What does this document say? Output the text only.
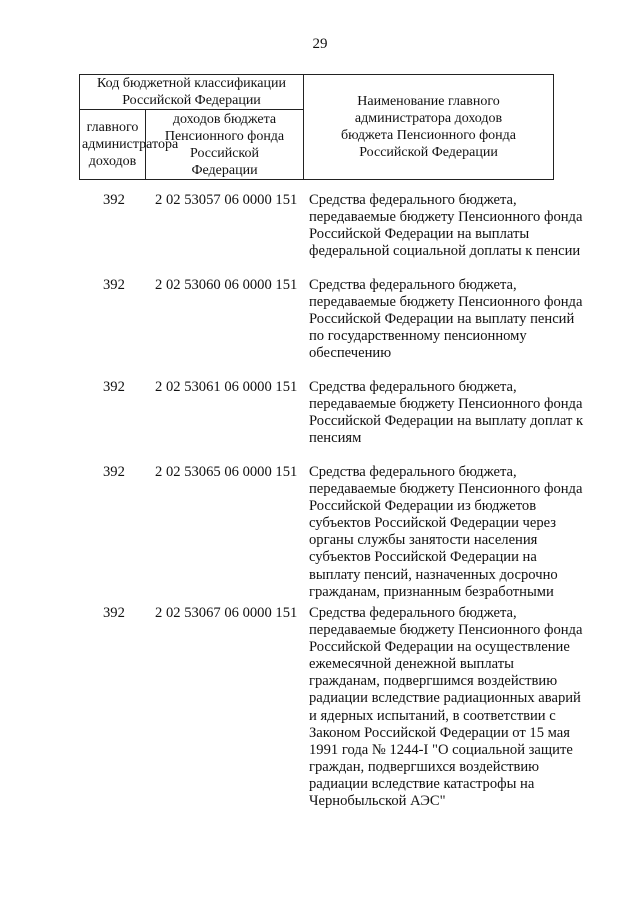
29
Код бюджетной классификации Российской Федерации		Наименование главного администратора доходов бюджета Пенсионного фонда Российской Федерации
главного администратора доходов	доходов бюджета Пенсионного фонда Российской Федерации	
392	2 02 53057 06 0000 151 Средства федерального бюджета,
передаваемые бюджету Пенсионного фонда
Российской Федерации на выплаты
федеральной социальной доплаты к пенсии
392	2 02 53060 06 0000 151 Средства федерального бюджета,
передаваемые бюджету Пенсионного фонда
Российской Федерации на выплату пенсий
по государственному пенсионному
обеспечению
392	2 02 53061 06 0000 151 Средства федерального бюджета,
передаваемые бюджету Пенсионного фонда
Российской Федерации на выплату доплат к
пенсиям
392	2 02 53065 06 0000 151 Средства федерального бюджета,
передаваемые бюджету Пенсионного фонда
Российской Федерации из бюджетов
субъектов Российской Федерации через
органы службы занятости населения
субъектов Российской Федерации на
выплату пенсий, назначенных досрочно
гражданам, признанным безработными
392	2 02 53067 06 0000 151 Средства федерального бюджета,
передаваемые бюджету Пенсионного фонда
Российской Федерации на осуществление
ежемесячной денежной выплаты
гражданам, подвергшимся воздействию
радиации вследствие радиационных аварий
и ядерных испытаний, в соответствии с
Законом Российской Федерации от 15 мая
1991 года № 1244-I "О социальной защите
граждан, подвергшихся воздействию
радиации вследствие катастрофы на
Чернобыльской АЭС"
